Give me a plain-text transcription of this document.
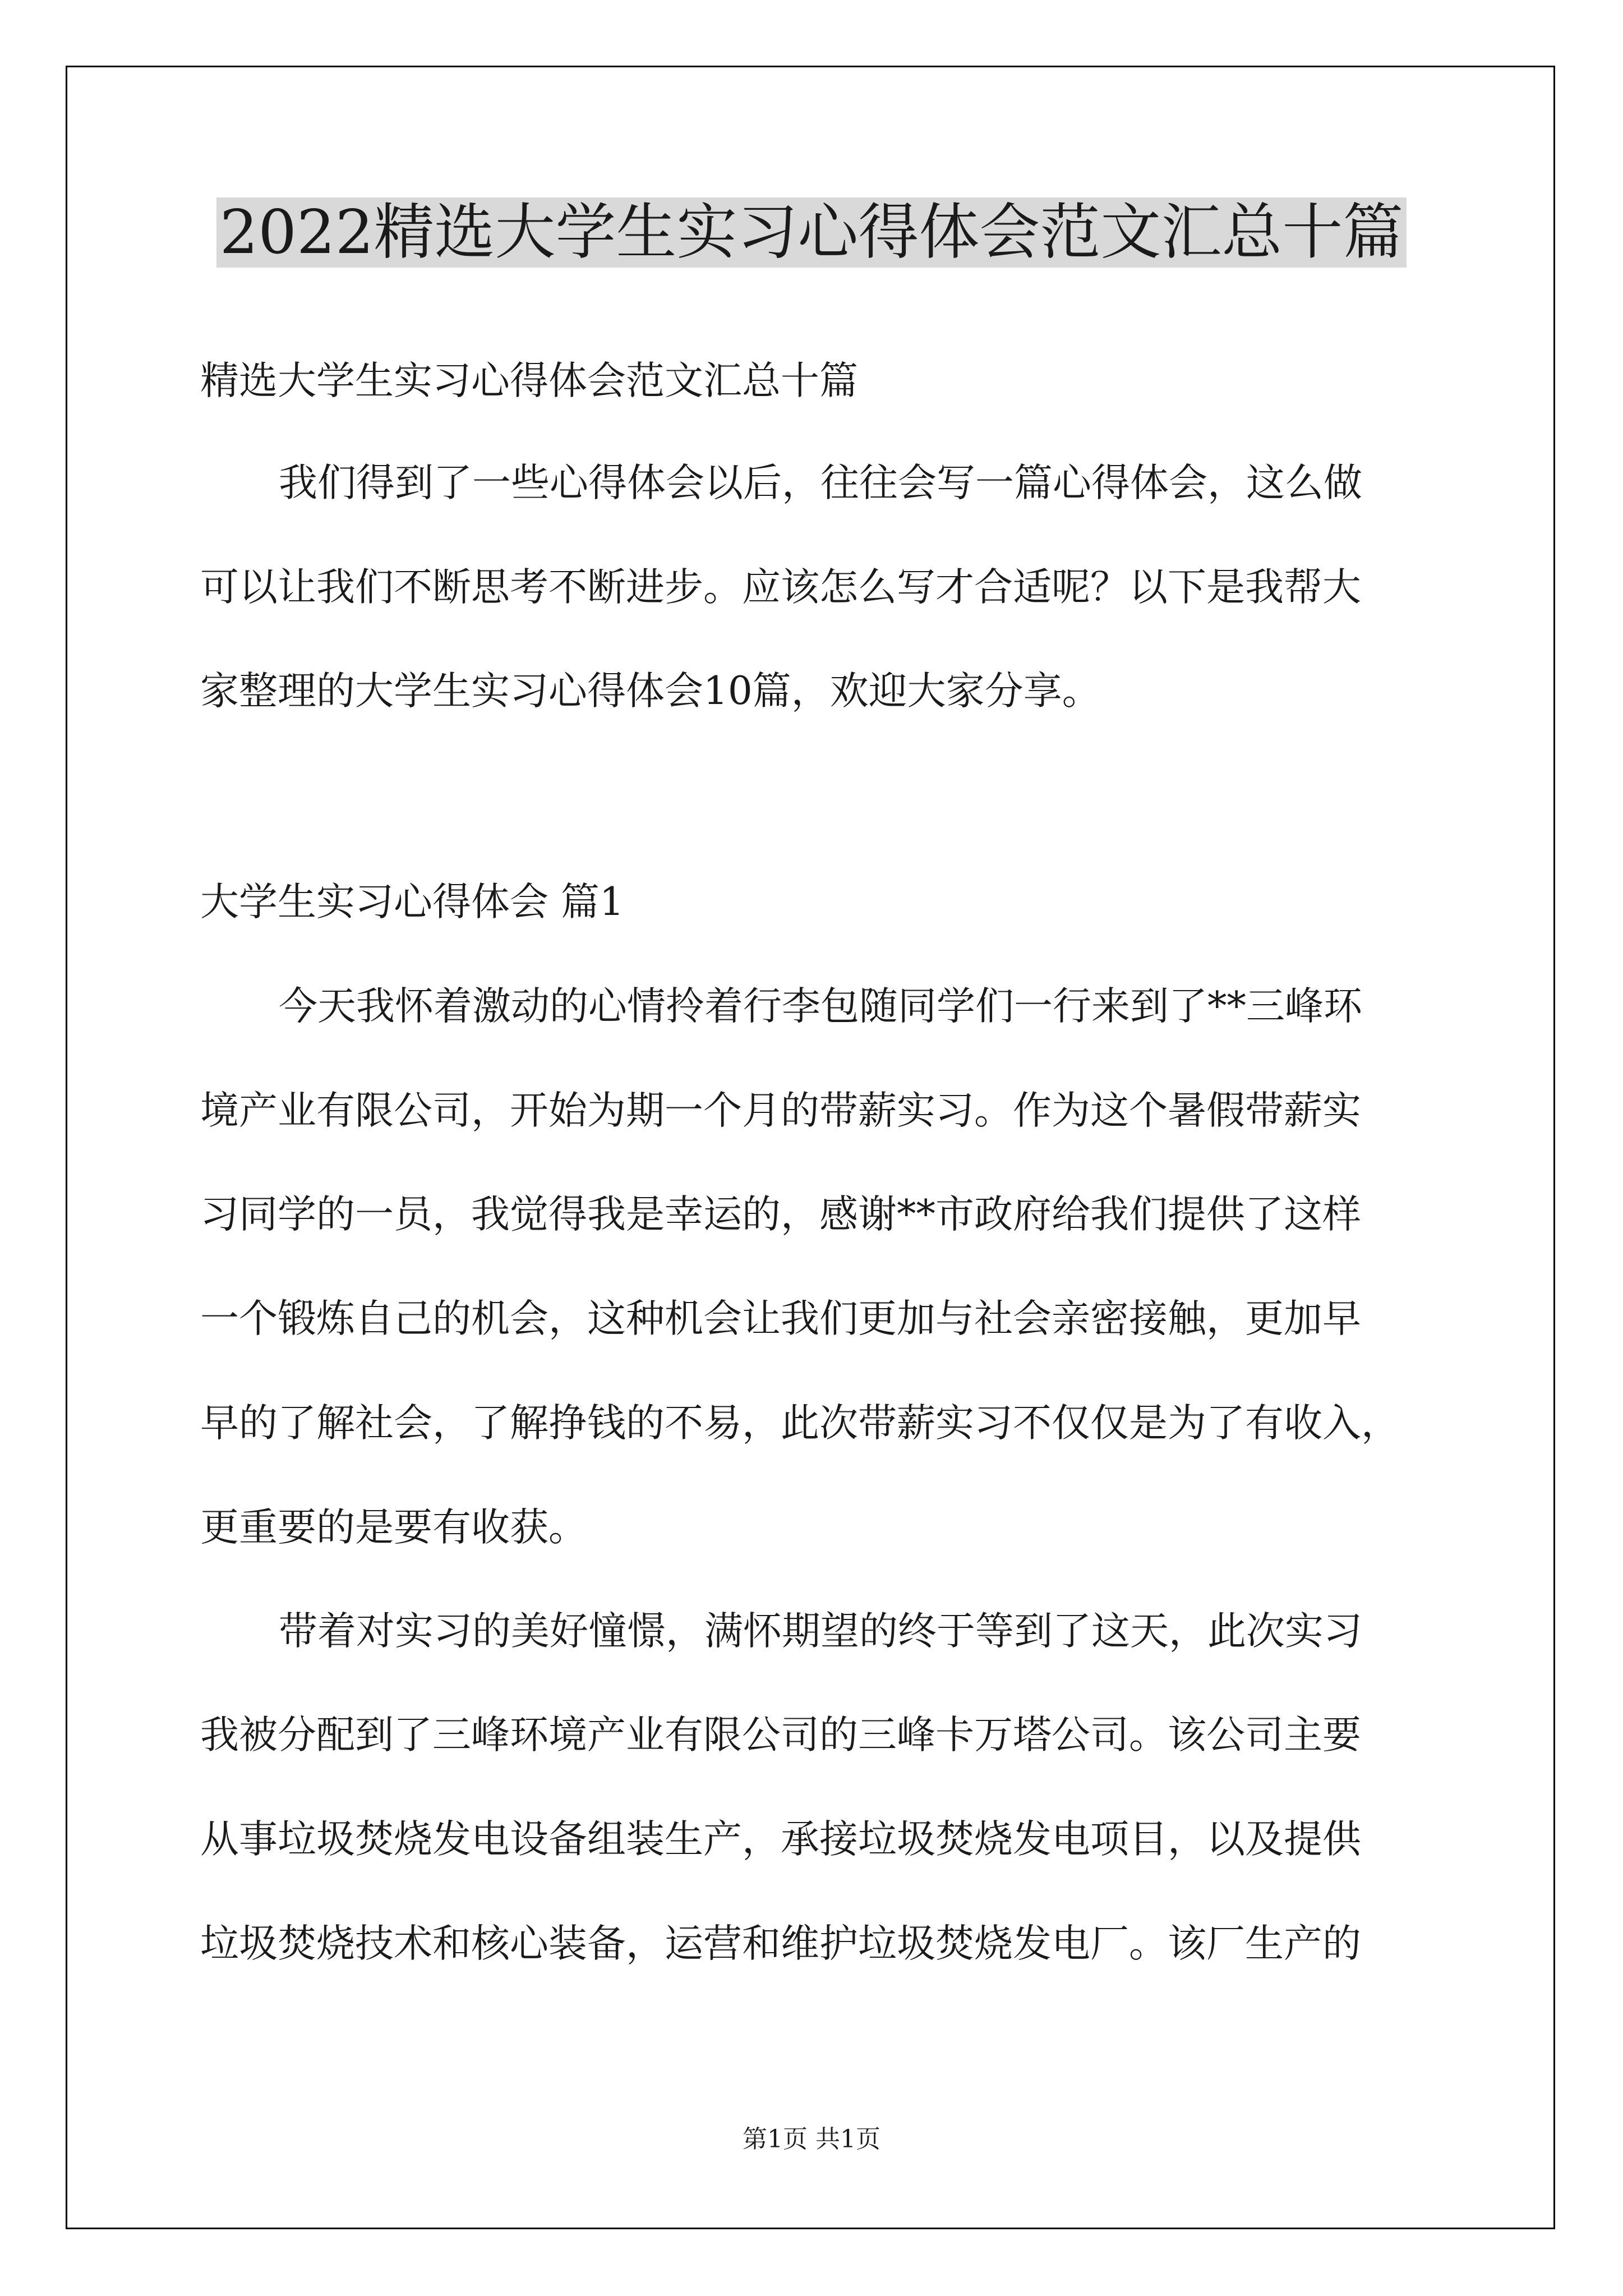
2022精选大学生实习心得体会范文汇总十篇

精选大学生实习心得体会范文汇总十篇

我们得到了一些心得体会以后，往往会写一篇心得体会，这么做

可以让我们不断思考不断进步。应该怎么写才合适呢？以下是我帮大

家整理的大学生实习心得体会10篇，欢迎大家分享。

大学生实习心得体会 篇1

今天我怀着激动的心情拎着行李包随同学们一行来到了**三峰环

境产业有限公司，开始为期一个月的带薪实习。作为这个暑假带薪实

习同学的一员，我觉得我是幸运的，感谢**市政府给我们提供了这样

一个锻炼自己的机会，这种机会让我们更加与社会亲密接触，更加早

早的了解社会，了解挣钱的不易，此次带薪实习不仅仅是为了有收入，

更重要的是要有收获。

带着对实习的美好憧憬，满怀期望的终于等到了这天，此次实习

我被分配到了三峰环境产业有限公司的三峰卡万塔公司。该公司主要

从事垃圾焚烧发电设备组装生产，承接垃圾焚烧发电项目，以及提供

垃圾焚烧技术和核心装备，运营和维护垃圾焚烧发电厂。该厂生产的

第1页 共1页
